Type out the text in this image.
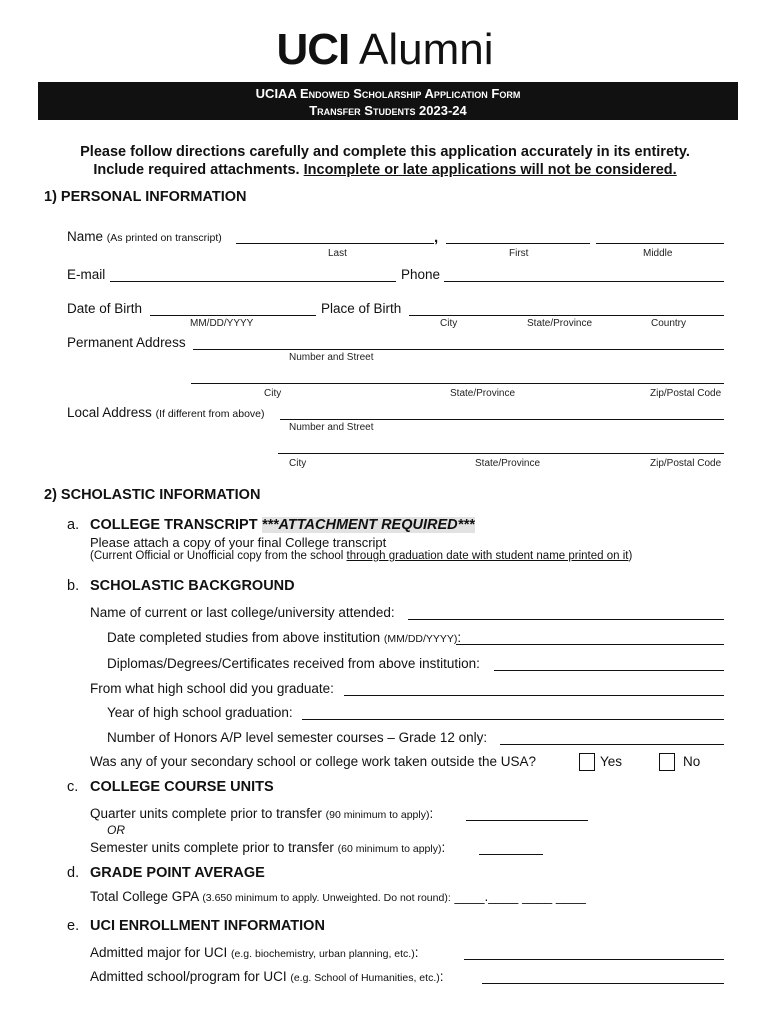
UCI Alumni
UCIAA Endowed Scholarship Application Form
Transfer Students 2023-24
Please follow directions carefully and complete this application accurately in its entirety.
Include required attachments. Incomplete or late applications will not be considered.
1) PERSONAL INFORMATION
Name (As printed on transcript)	,
Last	First	Middle
E-mail	Phone
Date of Birth
MM/DD/YYYY
Place of Birth
City	State/Province	Country
Permanent Address
Number and Street
City	State/Province	Zip/Postal Code
Local Address (If different from above)
Number and Street
City	State/Province	Zip/Postal Code
2) SCHOLASTIC INFORMATION
a. COLLEGE TRANSCRIPT ***ATTACHMENT REQUIRED***
Please attach a copy of your final College transcript
(Current Official or Unofficial copy from the school through graduation date with student name printed on it)
b. SCHOLASTIC BACKGROUND
Name of current or last college/university attended:
Date completed studies from above institution (MM/DD/YYYY):
Diplomas/Degrees/Certificates received from above institution:
From what high school did you graduate:
Year of high school graduation:
Number of Honors A/P level semester courses – Grade 12 only:
Was any of your secondary school or college work taken outside the USA?	Yes	No
c. COLLEGE COURSE UNITS
Quarter units complete prior to transfer (90 minimum to apply):
OR
Semester units complete prior to transfer (60 minimum to apply):
d. GRADE POINT AVERAGE
Total College GPA (3.650 minimum to apply. Unweighted. Do not round): ____.____ ____ ____
e. UCI ENROLLMENT INFORMATION
Admitted major for UCI (e.g. biochemistry, urban planning, etc.):
Admitted school/program for UCI (e.g. School of Humanities, etc.):
